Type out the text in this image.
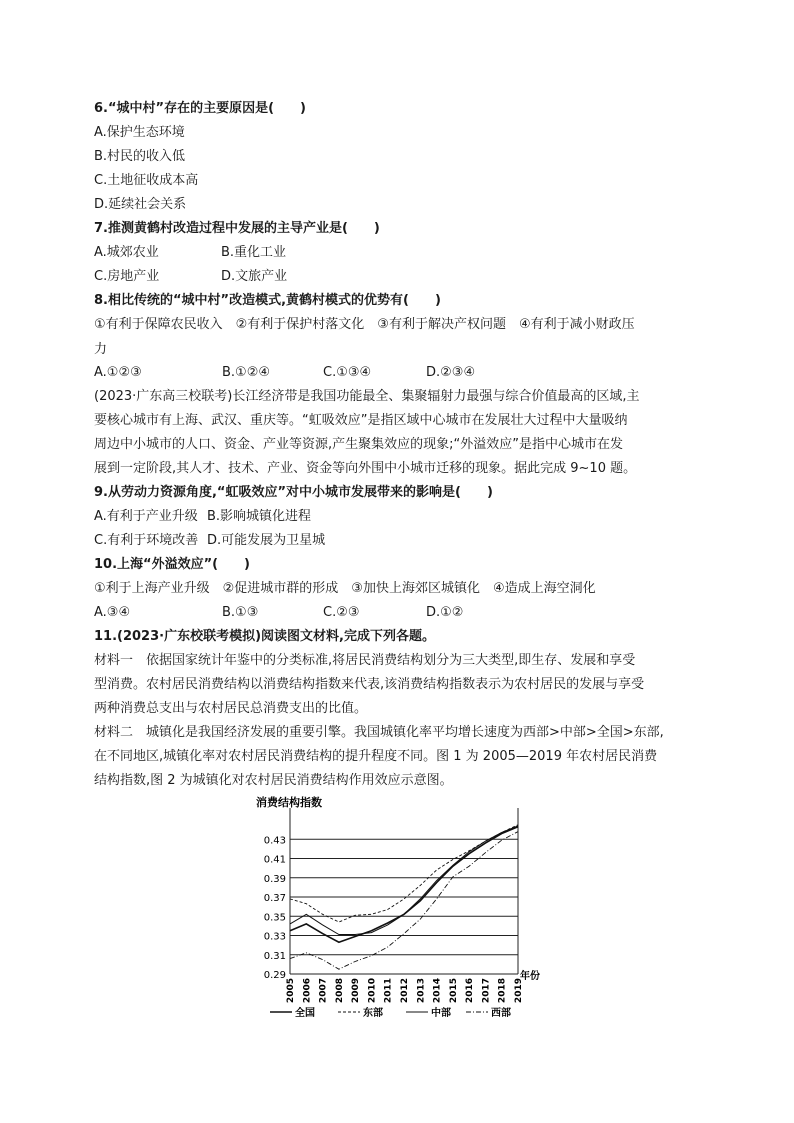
6.“城中村”存在的主要原因是(　　)
A.保护生态环境
B.村民的收入低
C.土地征收成本高
D.延续社会关系
7.推测黄鹤村改造过程中发展的主导产业是(　　)
A.城郊农业	B.重化工业
C.房地产业	D.文旅产业
8.相比传统的“城中村”改造模式,黄鹤村模式的优势有(　　)
①有利于保障农民收入　②有利于保护村落文化　③有利于解决产权问题　④有利于减小财政压
力
A.①②③	B.①②④	C.①③④	D.②③④
(2023·广东高三校联考)长江经济带是我国功能最全、集聚辐射力最强与综合价值最高的区域,主
要核心城市有上海、武汉、重庆等。“虹吸效应”是指区域中心城市在发展壮大过程中大量吸纳
周边中小城市的人口、资金、产业等资源,产生聚集效应的现象;“外溢效应”是指中心城市在发
展到一定阶段,其人才、技术、产业、资金等向外围中小城市迁移的现象。据此完成 9~10 题。
9.从劳动力资源角度,“虹吸效应”对中小城市发展带来的影响是(　　)
A.有利于产业升级 B.影响城镇化进程
C.有利于环境改善 D.可能发展为卫星城
10.上海“外溢效应”(　　)
①利于上海产业升级　②促进城市群的形成　③加快上海郊区城镇化　④造成上海空洞化
A.③④	B.①③	C.②③	D.①②
11.(2023·广东校联考模拟)阅读图文材料,完成下列各题。
材料一　依据国家统计年鉴中的分类标准,将居民消费结构划分为三大类型,即生存、发展和享受
型消费。农村居民消费结构以消费结构指数来代表,该消费结构指数表示为农村居民的发展与享受
两种消费总支出与农村居民总消费支出的比值。
材料二　城镇化是我国经济发展的重要引擎。我国城镇化率平均增长速度为西部>中部>全国>东部,
在不同地区,城镇化率对农村居民消费结构的提升程度不同。图 1 为 2005—2019 年农村居民消费
结构指数,图 2 为城镇化对农村居民消费结构作用效应示意图。
消费结构指数
年份
0.29
0.31
0.33
0.35
0.37
0.39
0.41
0.43
2005 2006 2007 2008 2009 2010 2011 2012 2013 2014 2015 2016 2017 2018 2019
全国	东部	中部	西部
